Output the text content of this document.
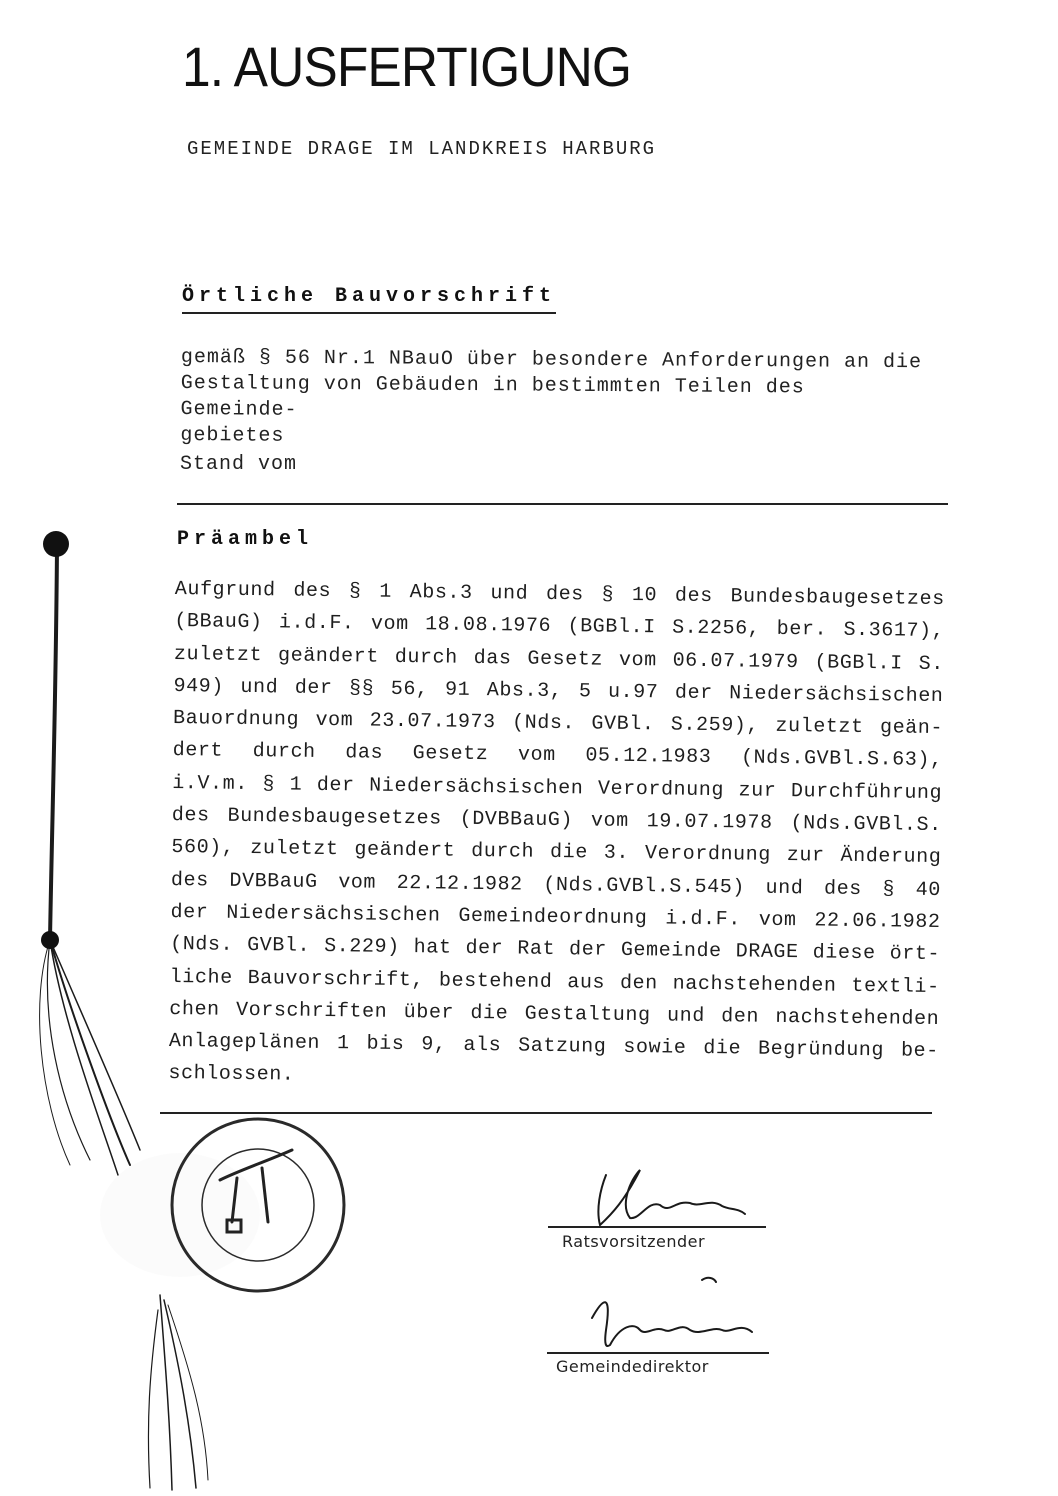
1. AUSFERTIGUNG
GEMEINDE DRAGE IM LANDKREIS HARBURG
Örtliche Bauvorschrift
gemäß § 56 Nr.1 NBauO über besondere Anforderungen an die
Gestaltung von Gebäuden in bestimmten Teilen des Gemeinde-
gebietes
Stand vom
Präambel
Aufgrund des § 1 Abs.3 und des § 10 des Bundesbaugesetzes
(BBauG) i.d.F. vom 18.08.1976 (BGBl.I S.2256, ber. S.3617),
zuletzt geändert durch das Gesetz vom 06.07.1979 (BGBl.I S.
949) und der §§ 56, 91 Abs.3, 5 u.97 der Niedersächsischen
Bauordnung vom 23.07.1973 (Nds. GVBl. S.259), zuletzt geän-
dert durch das Gesetz vom 05.12.1983 (Nds.GVBl.S.63),
i.V.m. § 1 der Niedersächsischen Verordnung zur Durchführung
des Bundesbaugesetzes (DVBBauG) vom 19.07.1978 (Nds.GVBl.S.
560), zuletzt geändert durch die 3. Verordnung zur Änderung
des DVBBauG vom 22.12.1982 (Nds.GVBl.S.545) und des § 40
der Niedersächsischen Gemeindeordnung i.d.F. vom 22.06.1982
(Nds. GVBl. S.229) hat der Rat der Gemeinde DRAGE diese ört-
liche Bauvorschrift, bestehend aus den nachstehenden textli-
chen Vorschriften über die Gestaltung und den nachstehenden
Anlageplänen 1 bis 9, als Satzung sowie die Begründung be-
schlossen.
Ratsvorsitzender
Gemeindedirektor
